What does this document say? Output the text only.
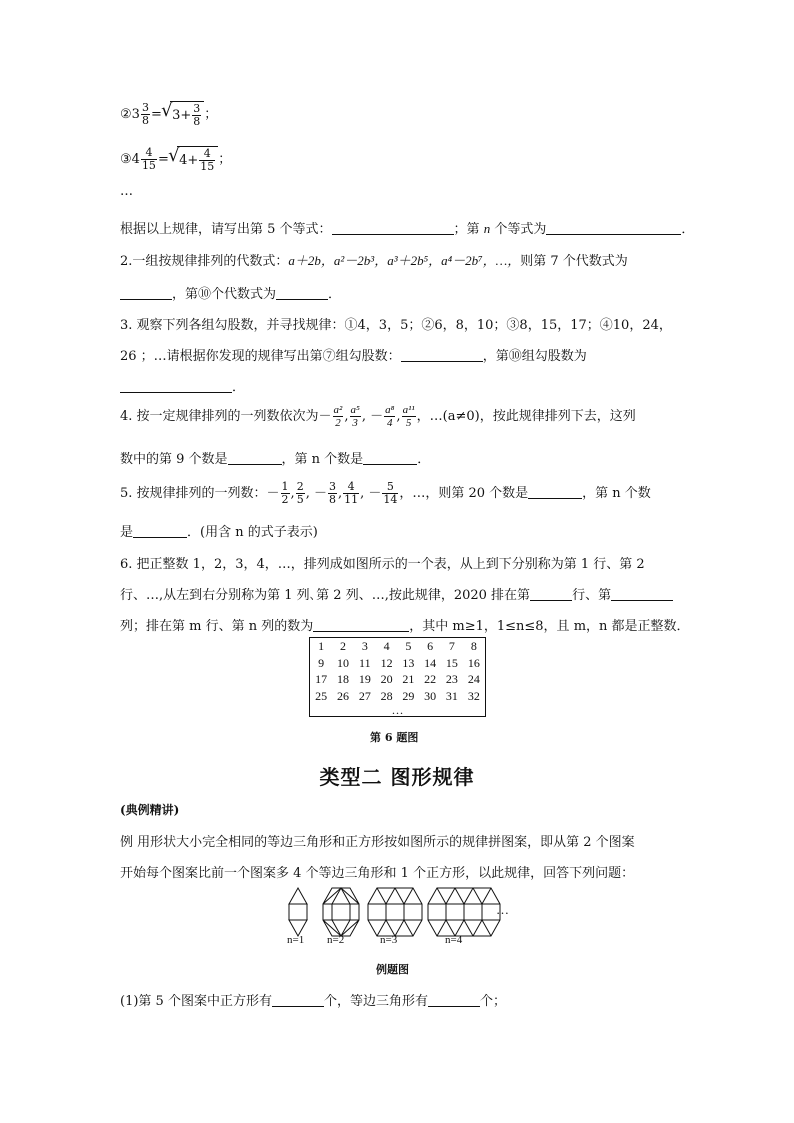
②3 $\frac{3}{8}$ = √ $3+ \frac{3}{8}$ ；
③4 $\frac{4}{15}$ = √ $4+ \frac{4}{15}$ ；
…
根据以上规律，请写出第 5 个等式：	；第 n 个等式为	．
2.一组按规律排列的代数式：a＋2b，a²－2b³，a³＋2b⁵，a⁴－2b⁷，…，则第 7 个代数式为
，第⑩个代数式为	．
3. 观察下列各组勾股数，并寻找规律：①4，3，5；②6，8，10；③8，15，17；④10，24，
26 ；…请根据你发现的规律写出第⑦组勾股数：	，第⑩组勾股数为
．
4. 按一定规律排列的一列数依次为－ $\frac{\text{a²}}{2}$ , $\frac{\text{a⁵}}{3}$ , － $\frac{\text{a⁸}}{4}$ , $\frac{\text{a¹¹}}{5}$ ，…(a≠0)，按此规律排列下去，这列
数中的第 9 个数是	，第 n 个数是	．
5. 按规律排列的一列数：－ $\frac{1}{2}$ , $\frac{2}{5}$ , － $\frac{3}{8}$ , $\frac{4}{11}$ , － $\frac{5}{14}$ ，…，则第 20 个数是	，第 n 个数
是	．(用含 n 的式子表示)
6. 把正整数 1，2，3，4，…，排列成如图所示的一个表，从上到下分别称为第 1 行、第 2
行、…,从左到右分别称为第 1 列､第 2 列、…,按此规律，2020 排在第	行、第
列；排在第 m 行、第 n 列的数为	，其中 m≥1，1≤n≤8，且 m，n 都是正整数．
1	2	3	4	5	6	7	8
9	10	11	12	13	14	15	16
17	18	19	20	21	22	23	24
25	26	27	28	29	30	31	32
…							
第 6 题图
类型二 图形规律
(典例精讲)
例 用形状大小完全相同的等边三角形和正方形按如图所示的规律拼图案，即从第 2 个图案
开始每个图案比前一个图案多 4 个等边三角形和 1 个正方形，以此规律，回答下列问题：
…
n=1 n=2	n=3	n=4
例题图
(1)第 5 个图案中正方形有	个，等边三角形有	个；
